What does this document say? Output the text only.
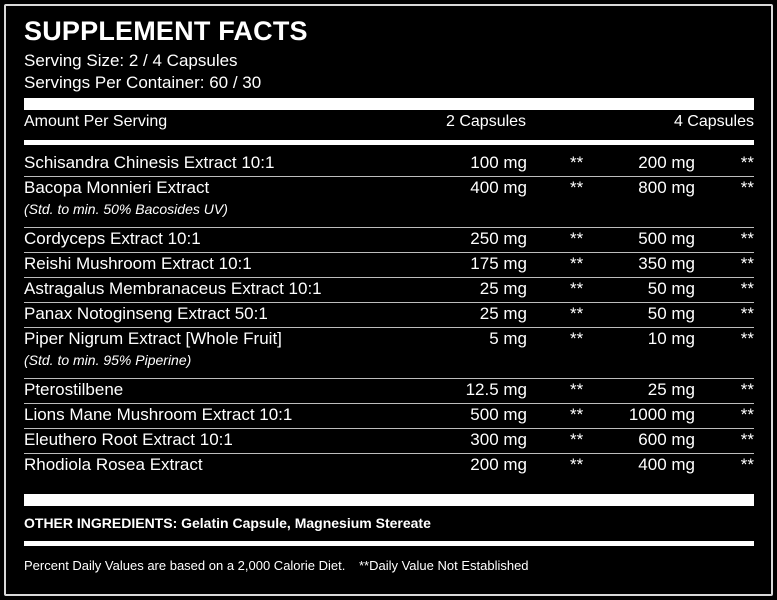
SUPPLEMENT FACTS
Serving Size: 2 / 4 Capsules
Servings Per Container: 60 / 30
Amount Per Serving	2 Capsules	4 Capsules
Schisandra Chinesis Extract 10:1	100 mg	**	200 mg	**
Bacopa Monnieri Extract	400 mg	**	800 mg	**
(Std. to min. 50% Bacosides UV)
Cordyceps Extract 10:1	250 mg	**	500 mg	**
Reishi Mushroom Extract 10:1	175 mg	**	350 mg	**
Astragalus Membranaceus Extract 10:1	25 mg	**	50 mg	**
Panax Notoginseng Extract 50:1	25 mg	**	50 mg	**
Piper Nigrum Extract [Whole Fruit]	5 mg	**	10 mg	**
(Std. to min. 95% Piperine)
Pterostilbene	12.5 mg	**	25 mg	**
Lions Mane Mushroom Extract 10:1	500 mg	**	1000 mg	**
Eleuthero Root Extract 10:1	300 mg	**	600 mg	**
Rhodiola Rosea Extract	200 mg	**	400 mg	**
OTHER INGREDIENTS: Gelatin Capsule, Magnesium Stereate
Percent Daily Values are based on a 2,000 Calorie Diet. **Daily Value Not Established
